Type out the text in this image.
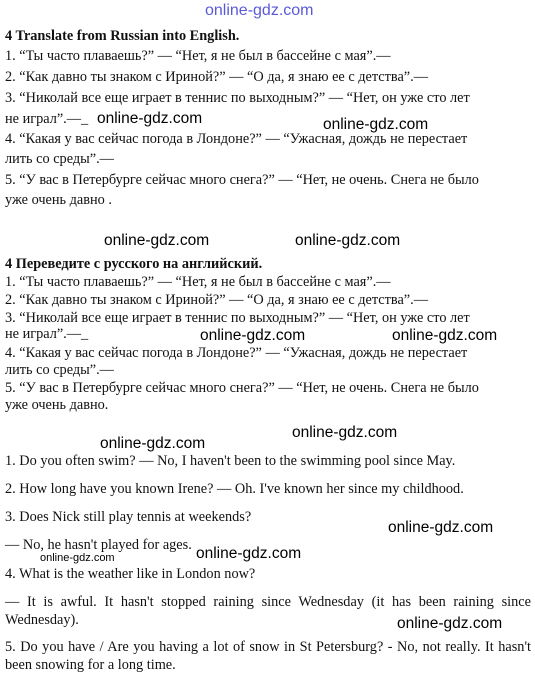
online-gdz.com
4 Translate from Russian into English.
1. “Ты часто плаваешь?” — “Нет, я не был в бассейне с мая”.—
2. “Как давно ты знаком с Ириной?” — “О да, я знаю ее с детства”.—
3. “Николай все еще играет в теннис по выходным?” — “Нет, он уже сто лет
не играл”.—_
4. “Какая у вас сейчас погода в Лондоне?” — “Ужасная, дождь не перестает
лить со среды”.—
5. “У вас в Петербурге сейчас много снега?” — “Нет, не очень. Снега не было
уже очень давно .
online-gdz.com	online-gdz.com
online-gdz.com	online-gdz.com
4 Переведите с русского на английский.
1. “Ты часто плаваешь?” — “Нет, я не был в бассейне с мая”.—
2. “Как давно ты знаком с Ириной?” — “О да, я знаю ее с детства”.—
3. “Николай все еще играет в теннис по выходным?” — “Нет, он уже сто лет
не играл”.—_
4. “Какая у вас сейчас погода в Лондоне?” — “Ужасная, дождь не перестает
лить со среды”.—
5. “У вас в Петербурге сейчас много снега?” — “Нет, не очень. Снега не было
уже очень давно.
online-gdz.com	online-gdz.com
online-gdz.com
online-gdz.com
1. Do you often swim? — No, I haven't been to the swimming pool since May.
2. How long have you known Irene? — Oh. I've known her since my childhood.
3. Does Nick still play tennis at weekends?
— No, he hasn't played for ages.
4. What is the weather like in London now?
— It is awful. It hasn't stopped raining since Wednesday (it has been raining since Wednesday).
5. Do you have / Are you having a lot of snow in St Petersburg? - No, not really. It hasn't been snowing for a long time.
online-gdz.com
online-gdz.com
online-gdz.com
online-gdz.com
